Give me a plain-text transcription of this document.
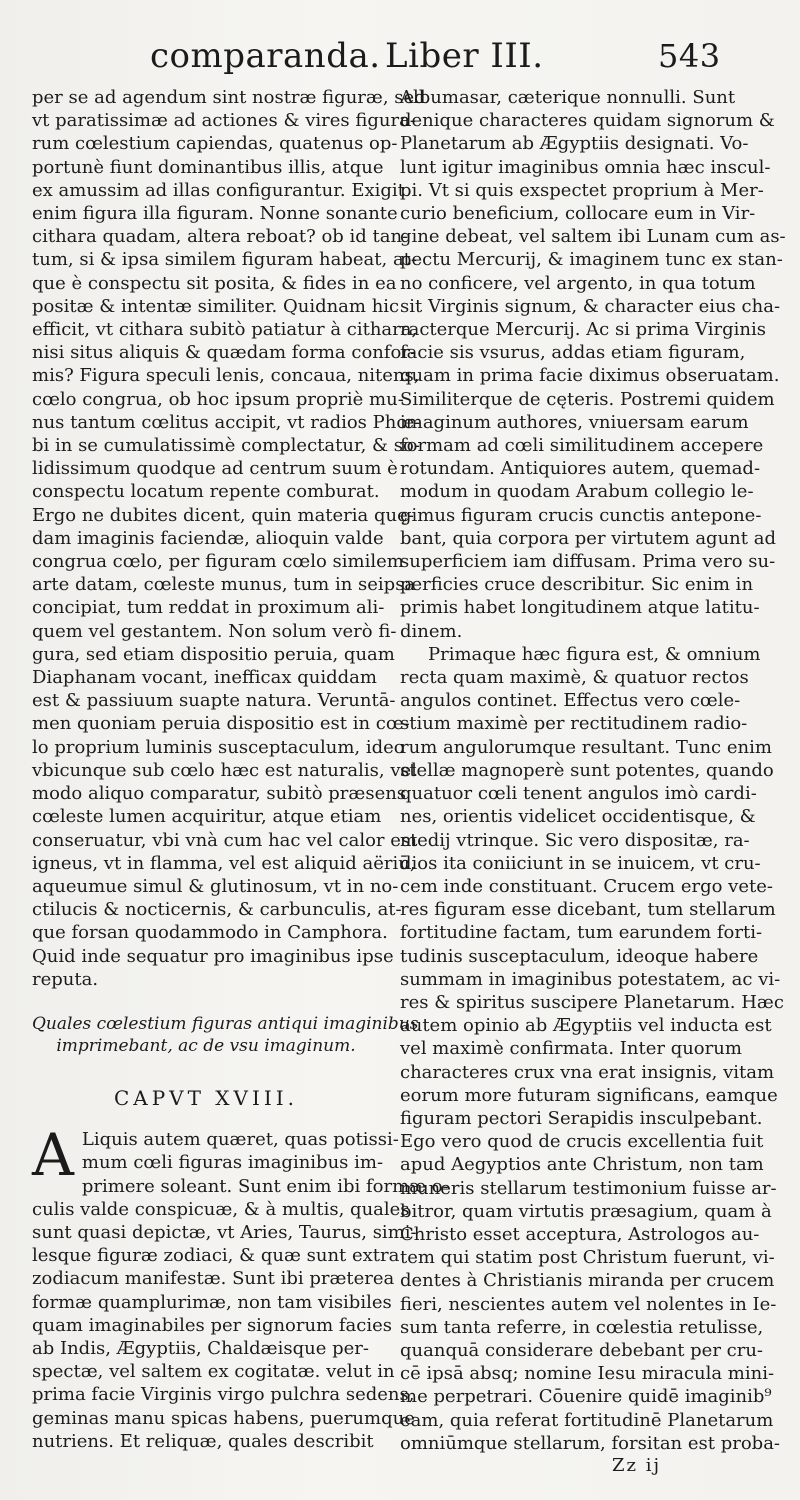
comparanda. Liber III.	543

per se ad agendum sint nostræ figuræ, sed
vt paratissimæ ad actiones & vires figura-
rum cœlestium capiendas, quatenus op-
portunè fiunt dominantibus illis, atque
ex amussim ad illas configurantur. Exigit
enim figura illa figuram. Nonne sonante
cithara quadam, altera reboat? ob id tan-
tum, si & ipsa similem figuram habeat, at-
que è conspectu sit posita, & fides in ea
positæ & intentæ similiter. Quidnam hic
efficit, vt cithara subitò patiatur à cithara,
nisi situs aliquis & quædam forma confor-
mis? Figura speculi lenis, concaua, nitens,
cœlo congrua, ob hoc ipsum propriè mu-
nus tantum cœlitus accipit, vt radios Phœ-
bi in se cumulatissimè complectatur, & so-
lidissimum quodque ad centrum suum è
conspectu locatum repente comburat.
Ergo ne dubites dicent, quin materia quę-
dam imaginis faciendæ, alioquin valde
congrua cœlo, per figuram cœlo similem
arte datam, cœleste munus, tum in seipsa
concipiat, tum reddat in proximum ali-
quem vel gestantem. Non solum verò fi-
gura, sed etiam dispositio peruia, quam
Diaphanam vocant, inefficax quiddam
est & passiuum suapte natura. Veruntā-
men quoniam peruia dispositio est in cœ-
lo proprium luminis susceptaculum, ideo
vbicunque sub cœlo hæc est naturalis, vel
modo aliquo comparatur, subitò præsens
cœleste lumen acquiritur, atque etiam
conseruatur, vbi vnà cum hac vel calor est
igneus, vt in flamma, vel est aliquid aëriū,
aqueumue simul & glutinosum, vt in no-
ctilucis & nocticernis, & carbunculis, at-
que forsan quodammodo in Camphora.
Quid inde sequatur pro imaginibus ipse
reputa.

Quales cœlestium figuras antiqui imaginibus
imprimebant, ac de vsu imaginum.
CAPVT XVIII.

A Liquis autem quæret, quas potissi-
mum cœli figuras imaginibus im-
primere soleant. Sunt enim ibi formæ o-
culis valde conspicuæ, & à multis, quales
sunt quasi depictæ, vt Aries, Taurus, simi-
lesque figuræ zodiaci, & quæ sunt extra
zodiacum manifestæ. Sunt ibi præterea
formæ quamplurimæ, non tam visibiles
quam imaginabiles per signorum facies
ab Indis, Ægyptiis, Chaldæisque per-
spectæ, vel saltem ex cogitatæ. velut in
prima facie Virginis virgo pulchra sedens,
geminas manu spicas habens, puerumque
nutriens. Et reliquæ, quales describit

Albumasar, cæterique nonnulli. Sunt
denique characteres quidam signorum &
Planetarum ab Ægyptiis designati. Vo-
lunt igitur imaginibus omnia hæc inscul-
pi. Vt si quis exspectet proprium à Mer-
curio beneficium, collocare eum in Vir-
gine debeat, vel saltem ibi Lunam cum as-
pectu Mercurij, & imaginem tunc ex stan-
no conficere, vel argento, in qua totum
sit Virginis signum, & character eius cha-
racterque Mercurij. Ac si prima Virginis
facie sis vsurus, addas etiam figuram,
quam in prima facie diximus obseruatam.
Similiterque de cęteris. Postremi quidem
imaginum authores, vniuersam earum
formam ad cœli similitudinem accepere
rotundam. Antiquiores autem, quemad-
modum in quodam Arabum collegio le-
gimus figuram crucis cunctis antepone-
bant, quia corpora per virtutem agunt ad
superficiem iam diffusam. Prima vero su-
perficies cruce describitur. Sic enim in
primis habet longitudinem atque latitu-
dinem.

Primaque hæc figura est, & omnium
recta quam maximè, & quatuor rectos
angulos continet. Effectus vero cœle-
stium maximè per rectitudinem radio-
rum angulorumque resultant. Tunc enim
stellæ magnoperè sunt potentes, quando
quatuor cœli tenent angulos imò cardi-
nes, orientis videlicet occidentisque, &
medij vtrinque. Sic vero dispositæ, ra-
dios ita coniiciunt in se inuicem, vt cru-
cem inde constituant. Crucem ergo vete-
res figuram esse dicebant, tum stellarum
fortitudine factam, tum earundem forti-
tudinis susceptaculum, ideoque habere
summam in imaginibus potestatem, ac vi-
res & spiritus suscipere Planetarum. Hæc
autem opinio ab Ægyptiis vel inducta est
vel maximè confirmata. Inter quorum
characteres crux vna erat insignis, vitam
eorum more futuram significans, eamque
figuram pectori Serapidis insculpebant.
Ego vero quod de crucis excellentia fuit
apud Aegyptios ante Christum, non tam
muneris stellarum testimonium fuisse ar-
bitror, quam virtutis præsagium, quam à
Christo esset acceptura, Astrologos au-
tem qui statim post Christum fuerunt, vi-
dentes à Christianis miranda per crucem
fieri, nescientes autem vel nolentes in Ie-
sum tanta referre, in cœlestia retulisse,
quanquā considerare debebant per cru-
cē ipsā absq; nomine Iesu miracula mini-
me perpetrari. Cōuenire quidē imaginib⁹
eam, quia referat fortitudinē Planetarum
omniūmque stellarum, forsitan est proba-

Zz ij
